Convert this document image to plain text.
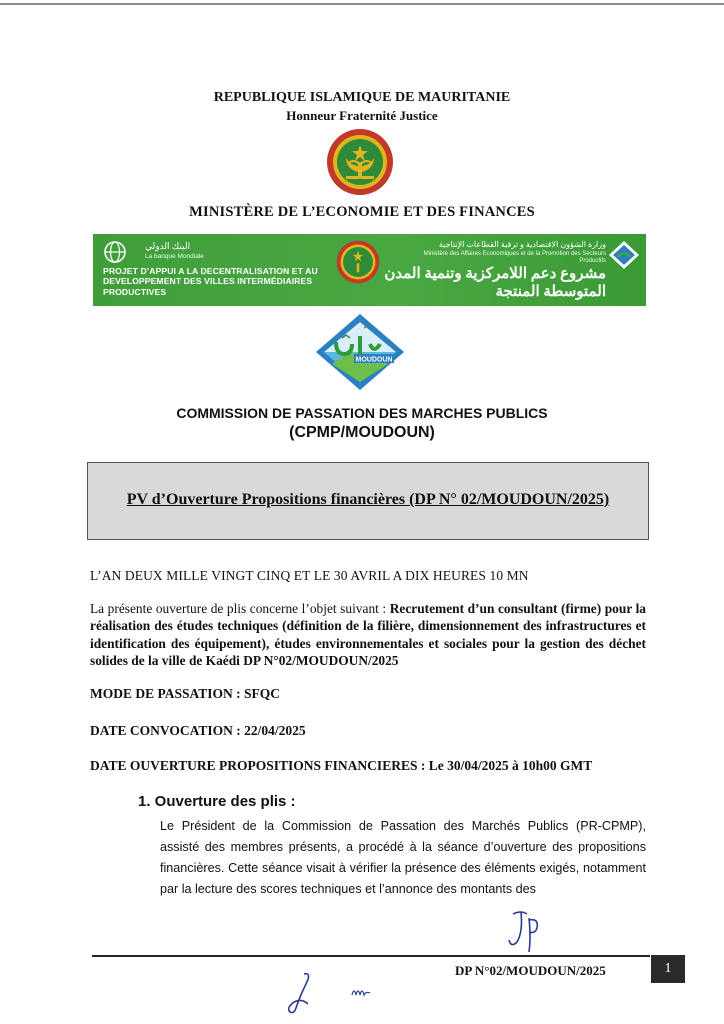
REPUBLIQUE ISLAMIQUE DE MAURITANIE
Honneur Fraternité Justice
MINISTÈRE DE L’ECONOMIE ET DES FINANCES
البنك الدولي
La banque Mondiale
PROJET D’APPUI A LA DECENTRALISATION ET AU DEVELOPPEMENT DES VILLES INTERMÉDIAIRES PRODUCTIVES
وزارة الشؤون الاقتصادية و ترقية القطاعات الإنتاجية
Ministère des Affaires Economiques et de la Promotion des Secteurs Productifs
مشروع دعم اللامركزية وتنمية المدن المتوسطة المنتجة
MOUDOUN
COMMISSION DE PASSATION DES MARCHES PUBLICS
(CPMP/MOUDOUN)
PV d’Ouverture Propositions financières (DP N° 02/MOUDOUN/2025)
L’AN DEUX MILLE VINGT CINQ ET LE 30 AVRIL A DIX HEURES 10 MN
La présente ouverture de plis concerne l’objet suivant : Recrutement d’un consultant (firme) pour la réalisation des études techniques (définition de la filière, dimensionnement des infrastructures et identification des équipement), études environnementales et sociales pour la gestion des déchet solides de la ville de Kaédi DP N°02/MOUDOUN/2025
MODE DE PASSATION : SFQC
DATE CONVOCATION : 22/04/2025
DATE OUVERTURE PROPOSITIONS FINANCIERES : Le 30/04/2025 à 10h00 GMT
1. Ouverture des plis :
Le Président de la Commission de Passation des Marchés Publics (PR-CPMP), assisté des membres présents, a procédé à la séance d’ouverture des propositions financières. Cette séance visait à vérifier la présence des éléments exigés, notamment par la lecture des scores techniques et l’annonce des montants des
DP N°02/MOUDOUN/2025	1
